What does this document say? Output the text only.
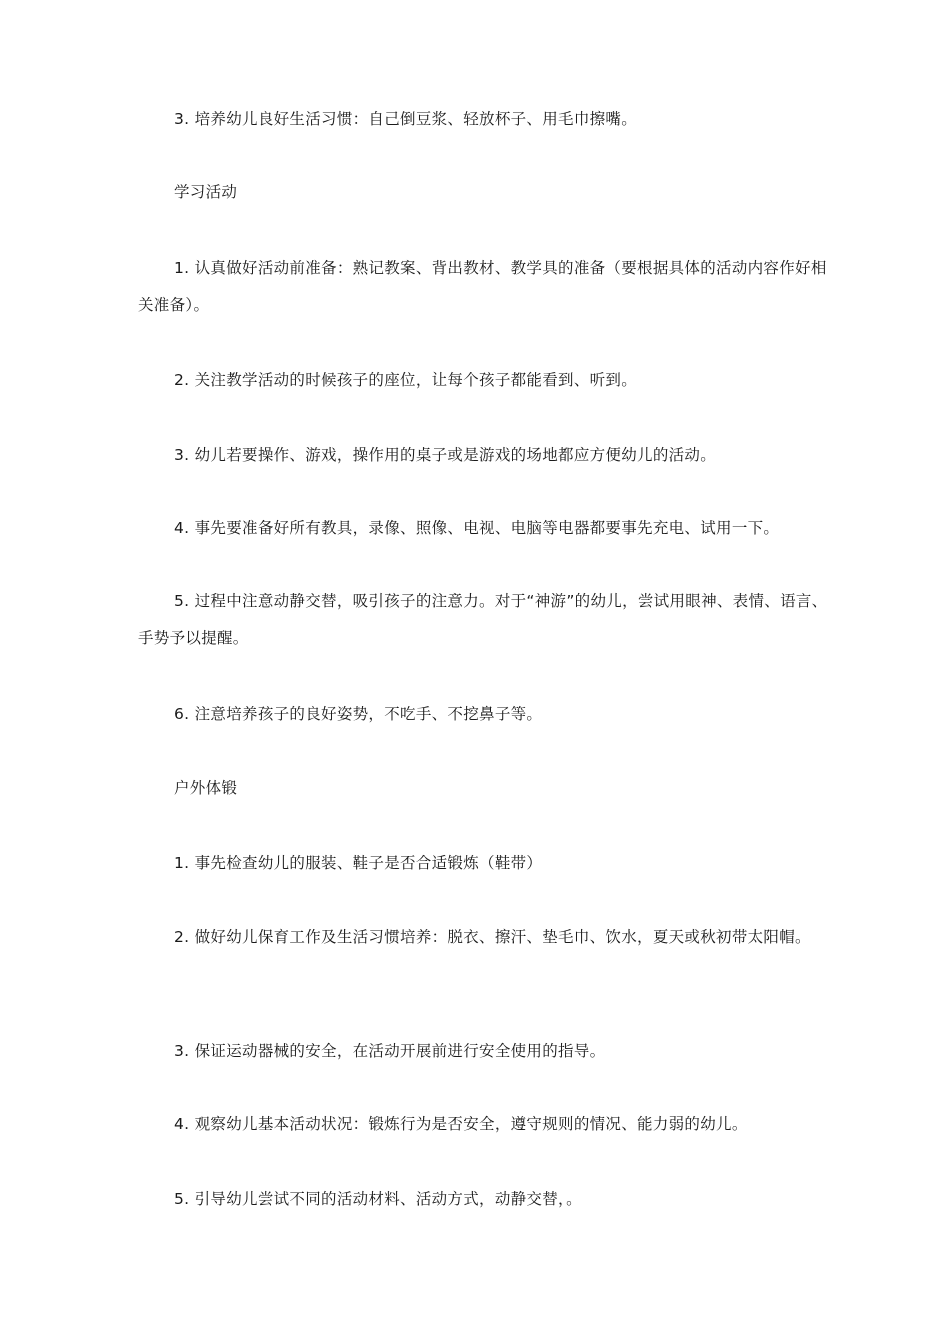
3. 培养幼儿良好生活习惯：自己倒豆浆、轻放杯子、用毛巾擦嘴。

学习活动

1. 认真做好活动前准备：熟记教案、背出教材、教学具的准备（要根据具体的活动内容作好相关准备）。

2. 关注教学活动的时候孩子的座位，让每个孩子都能看到、听到。

3. 幼儿若要操作、游戏，操作用的桌子或是游戏的场地都应方便幼儿的活动。

4. 事先要准备好所有教具，录像、照像、电视、电脑等电器都要事先充电、试用一下。

5. 过程中注意动静交替，吸引孩子的注意力。对于“神游”的幼儿，尝试用眼神、表情、语言、手势予以提醒。

6. 注意培养孩子的良好姿势，不吃手、不挖鼻子等。

户外体锻

1. 事先检查幼儿的服装、鞋子是否合适锻炼（鞋带）

2. 做好幼儿保育工作及生活习惯培养：脱衣、擦汗、垫毛巾、饮水，夏天或秋初带太阳帽。

3. 保证运动器械的安全，在活动开展前进行安全使用的指导。

4. 观察幼儿基本活动状况：锻炼行为是否安全，遵守规则的情况、能力弱的幼儿。

5. 引导幼儿尝试不同的活动材料、活动方式，动静交替，。
